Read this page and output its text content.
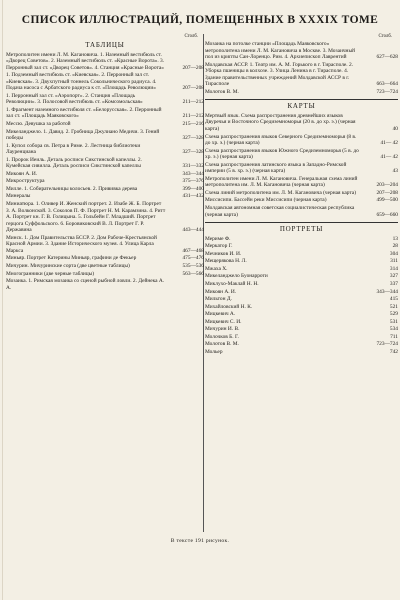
СПИСОК ИЛЛЮСТРАЦИЙ, ПОМЕЩЕННЫХ В XXXIX ТОМЕ
Столб.
ТАБЛИЦЫ
Метрополитен имени Л. М. Кагановича. 1. Наземный вестибюль ст. «Дворец Советов». 2. Наземный вестибюль ст. «Красные Ворота». 3. Перронный зал ст. «Дворец Советов». 4. Станция «Красные Ворота»	207—208
1. Подземный вестибюль ст. «Киевская». 2. Перронный зал ст. «Киевская». 3. Двухпутный тоннель Сокольнического радиуса. 4. Подача насоса с Арбатского радиуса к ст. «Площадь Революции»	207—208
1. Перронный зал ст. «Аэропорт». 2. Станция «Площадь Революции». 3. Полосовой вестибюль ст. «Комсомольская»	211—212
1. Фрагмент наземного вестибюля ст. «Белорусская». 2. Перронный зал ст. «Площадь Маяковского»	211—212
Мессю. Девушка за работой	215—216
Микеланджело. 1. Давид. 2. Гробница Джулиано Медичи. 3. Гений победы	327—328
1. Купол собора св. Петра в Риме. 2. Лестница библиотеки Лауренциана	327—328
1. Пророк Иеиль. Деталь росписи Сикстинской капеллы. 2. Кумейская сивилла. Деталь росписи Сикстинской капеллы	331—332
Микоян А. И.	343—344
Микроструктура	375—376
Милле. 1. Собирательницы колосьев. 2. Прививка дерева	399—400
Минералы	431—432
Миниатюра. 1. Оливер И. Женский портрет. 2. Изабе Ж. Б. Портрет З. А. Волконской. 3. Соколов П. Ф. Портрет Н. М. Карамзина. 4. Ритт А. Портрет кн. Г. В. Голицына. 5. Гольбейн Г. Младший. Портрет герцога Суффольского. 6. Боровиковский В. Л. Портрет Г. Р. Державина	443—444
Минск. 1. Дом Правительства БССР. 2. Дом Рабоче-Крестьянской Красной Армии. 3. Здание Исторического музея. 4. Улица Карла Маркса	467—468
Миньяр. Портрет Катерины Миньяр, графини де Фекьер	475—476
Мичурин. Мичуринские сорта (две цветные таблицы)	535—536
Многогранники (две черные таблицы)	563—566
Мозаика. 1. Римская мозаика со сценой рыбной ловли. 2. Дейнека А. А.
Столб.
Мозаика на потолке станции «Площадь Маяковского» метрополитена имени Л. М. Кагановича в Москве. 3. Мозаичный пол из крипты Сан-Лоренцо. Рим. 4. Архиепископ Лаврентий	627—628
Молдавская АССР. 1. Театр им. А. М. Горького в г. Тирасполе. 2. Уборка пшеницы в колхозе. 3. Улица Ленина в г. Тирасполе. 4. Здание правительственных учреждений Молдавской АССР в г. Тирасполе	663—664
Молотов В. М.	723—724
КАРТЫ
Мертвый язык. Схема распространения древнейших языков Двуречья и Восточного Средиземноморья (20 в. до хр. э.) (черная карта)	40
Схема распространения языков Северного Средиземноморья (8 в. до хр. э.) (черная карта)	41— 42
Схема распространения языков Южного Средиземноморья (5 в. до хр. э.) (черная карта)	41— 42
Схема распространения латинского языка в Западно-Римской империи (5 в. хр. э.) (черная карта)	43
Метрополитен имени Л. М. Кагановича. Генеральная схема линий метрополитена им. Л. М. Кагановича (черная карта)	203—204
Схема линий метрополитена им. Л. М. Кагановича (черная карта)	207—208
Миссисипи. Бассейн реки Миссисипи (черная карта)	499—500
Молдавская автономная советская социалистическая республика (черная карта)	659—660
ПОРТРЕТЫ
Мериме Ф.	13
Меркатор Г.	28
Мечников И. И.	304
Мещерякова Н. Л.	311
Мжаха Х.	314
Микеланджело Буонарроти	327
Миклухо-Маклай Н. Н.	337
Микоян А. И.	343—344
Мильтон Д.	415
Михайловский Н. К.	521
Мицкевич А.	529
Мицкевич С. И.	531
Мичурин И. В.	534
Молочков Б. Г.	711
Молотов В. М.	723—724
Мольер	742
В тексте 191 рисунок.
